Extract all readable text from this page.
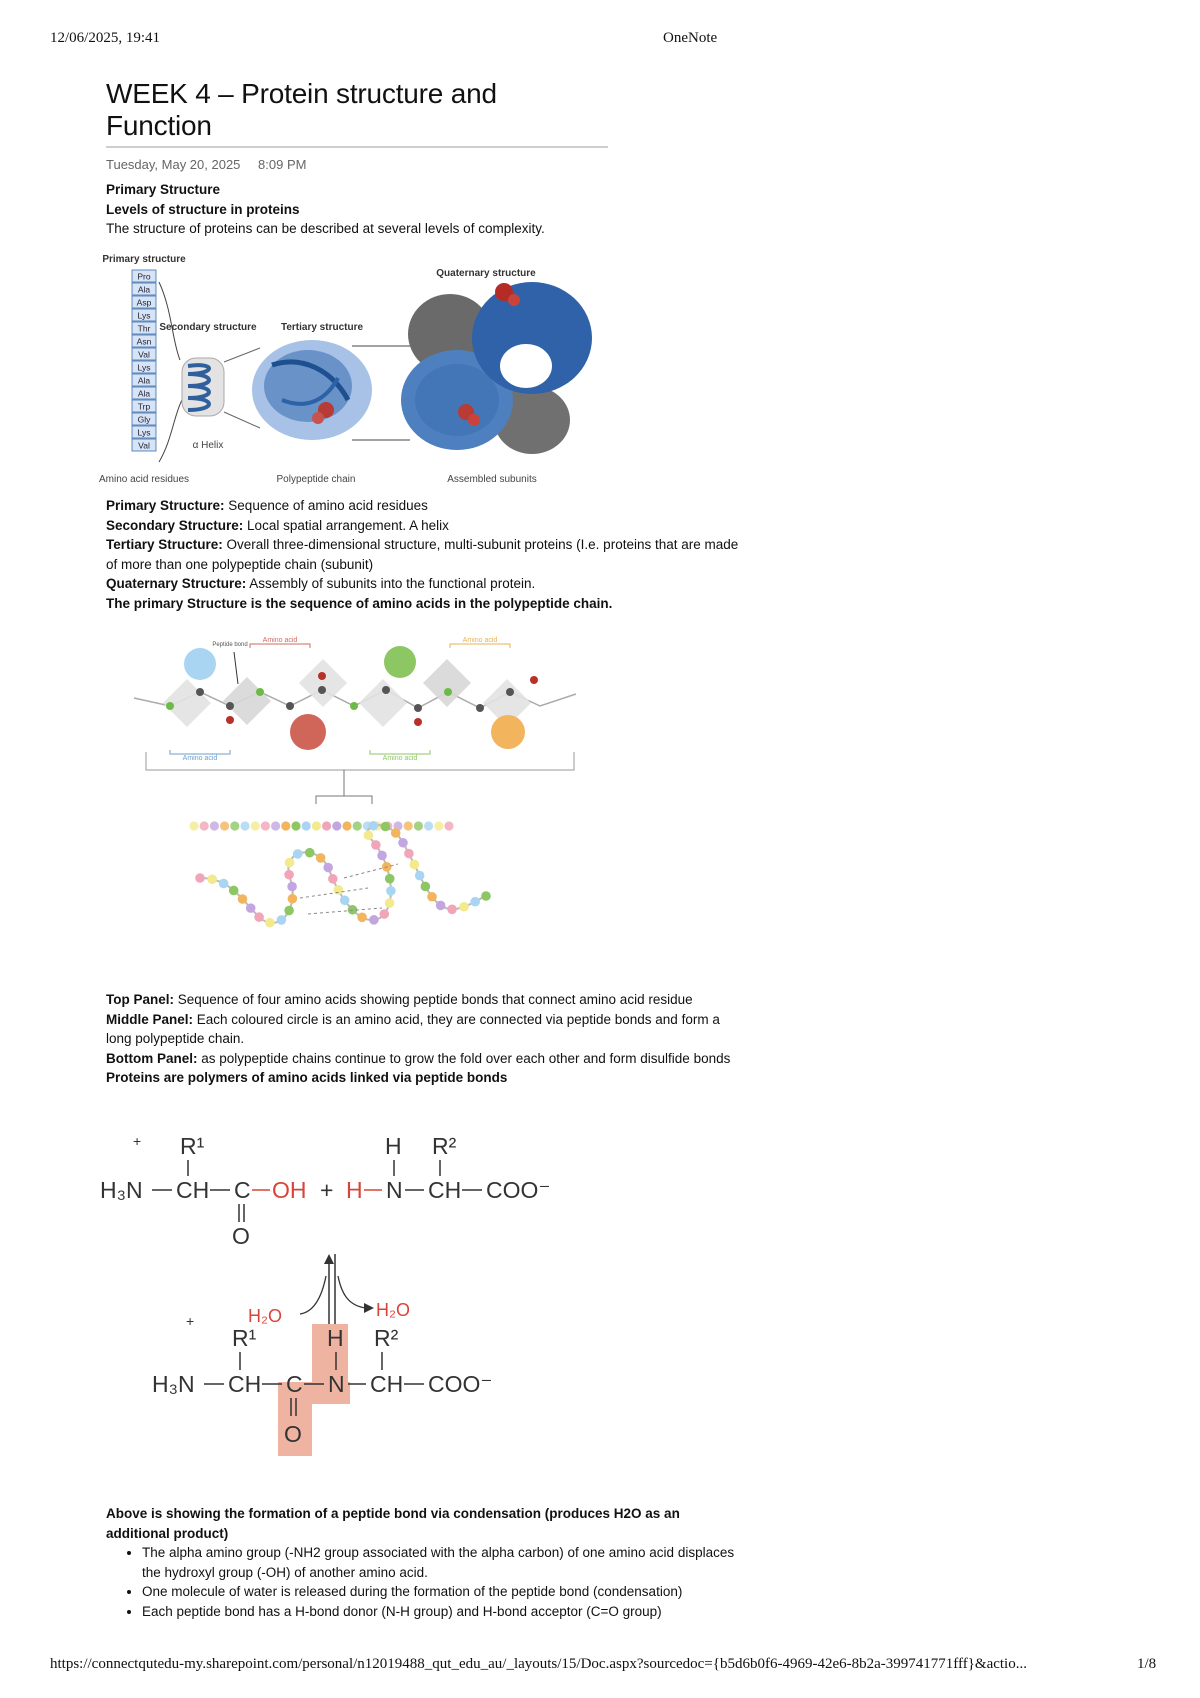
12/06/2025, 19:41	OneNote
WEEK 4 – Protein structure and Function
Tuesday, May 20, 2025 8:09 PM
Primary Structure
Levels of structure in proteins
The structure of proteins can be described at several levels of complexity.
Primary structure
Pro
Ala
Asp
Lys
Thr
Asn
Val
Lys
Ala
Ala
Trp
Gly
Lys
Val
Secondary structure
α Helix
Tertiary structure
Quaternary structure
Amino acid residues	Polypeptide chain	Assembled subunits
Primary Structure: Sequence of amino acid residues
Secondary Structure: Local spatial arrangement. A helix
Tertiary Structure: Overall three-dimensional structure, multi-subunit proteins (I.e. proteins that are made of more than one polypeptide chain (subunit)
Quaternary Structure: Assembly of subunits into the functional protein.
The primary Structure is the sequence of amino acids in the polypeptide chain.
Peptide bond
Amino acid	Amino acid
Amino acid	Amino acid
Top Panel: Sequence of four amino acids showing peptide bonds that connect amino acid residue
Middle Panel: Each coloured circle is an amino acid, they are connected via peptide bonds and form a long polypeptide chain.
Bottom Panel: as polypeptide chains continue to grow the fold over each other and form disulfide bonds
Proteins are polymers of amino acids linked via peptide bonds
+
H₃N CH
R¹
C
O
OH + H N
H
CH
R²
COO⁻
H₂O	H₂O
+
H₃N CH
R¹
C
O
N
H
CH
R²
COO⁻
Above is showing the formation of a peptide bond via condensation (produces H2O as an additional product)
• The alpha amino group (-NH2 group associated with the alpha carbon) of one amino acid displaces the hydroxyl group (-OH) of another amino acid.
• One molecule of water is released during the formation of the peptide bond (condensation)
• Each peptide bond has a H-bond donor (N-H group) and H-bond acceptor (C=O group)
https://connectqutedu-my.sharepoint.com/personal/n12019488_qut_edu_au/_layouts/15/Doc.aspx?sourcedoc={b5d6b0f6-4969-42e6-8b2a-399741771fff}&actio...	1/8
